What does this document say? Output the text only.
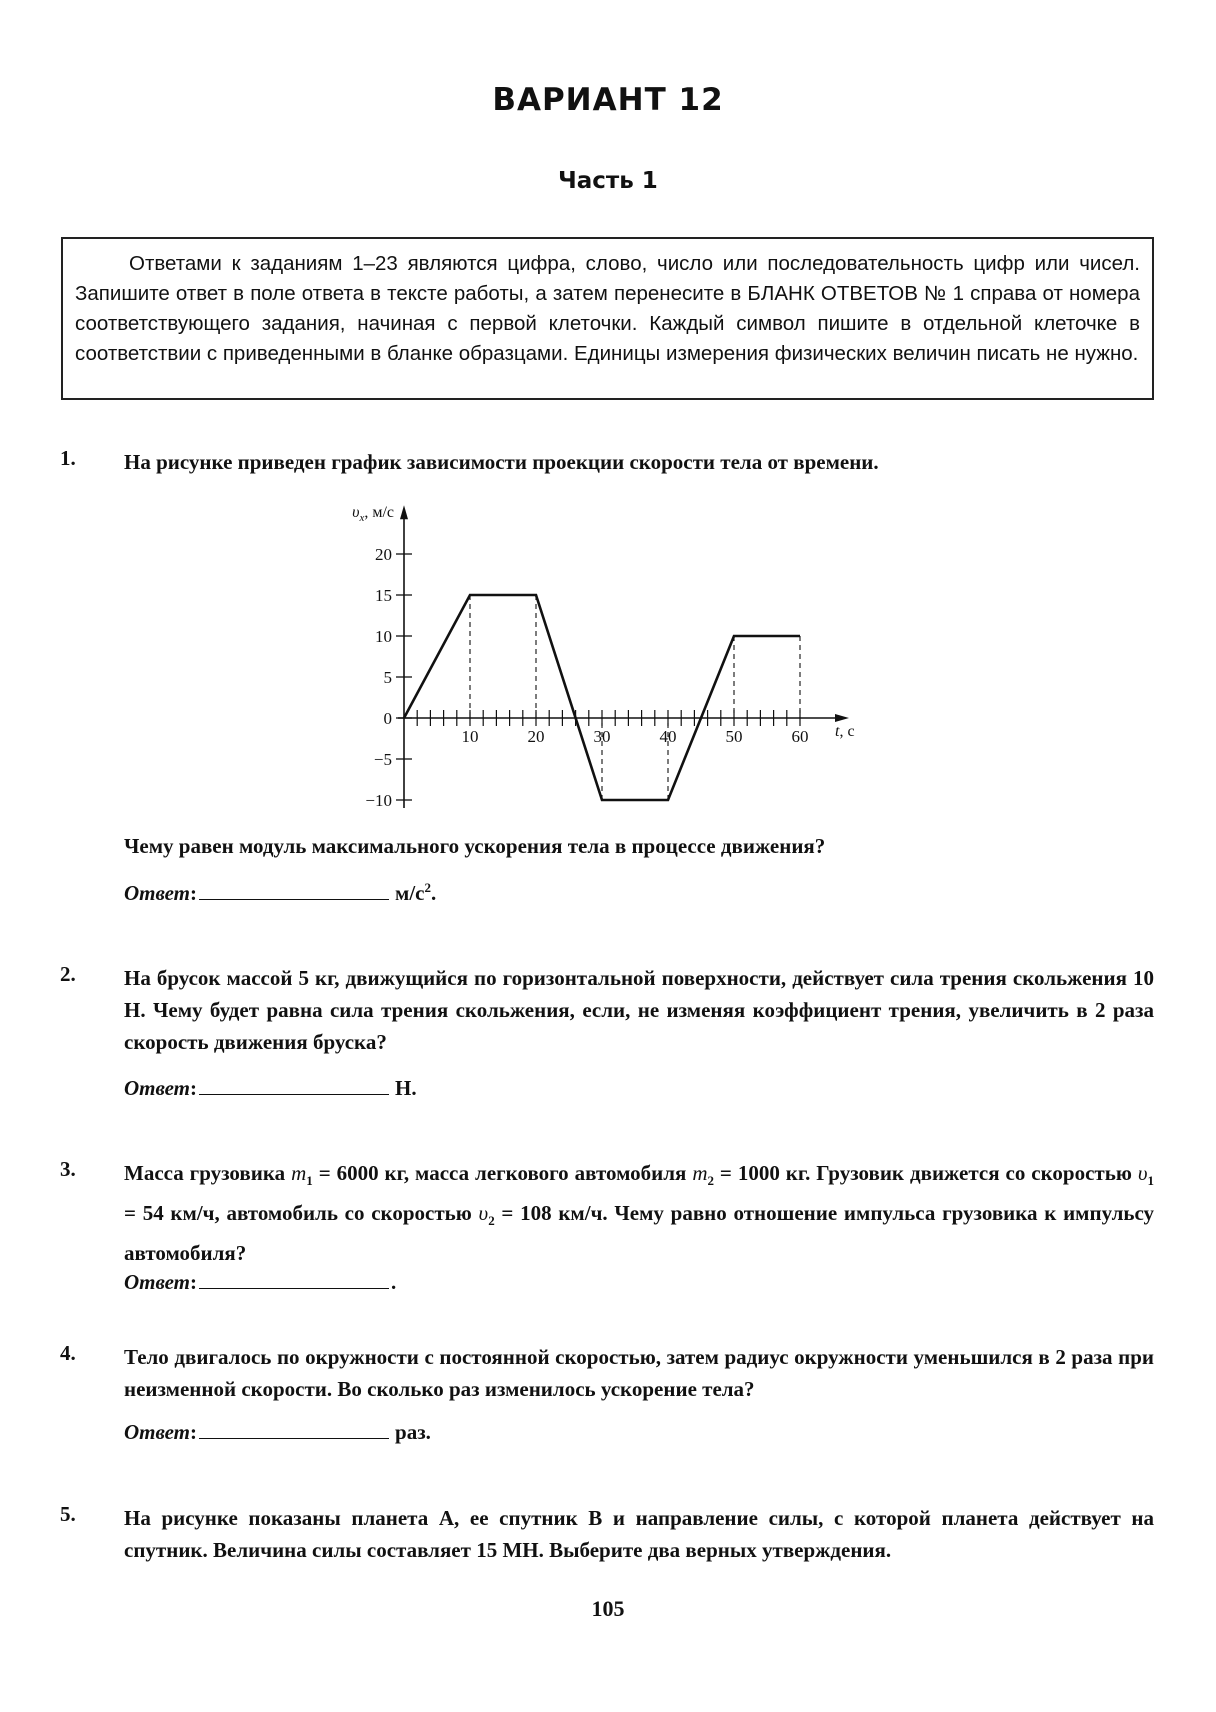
ВАРИАНТ 12
Часть 1
Ответами к заданиям 1–23 являются цифра, слово, число или последовательность цифр или чисел. Запишите ответ в поле ответа в тексте работы, а затем перенесите в БЛАНК ОТВЕТОВ № 1 справа от номера соответствующего задания, начиная с первой клеточки. Каждый символ пишите в отдельной клеточке в соответствии с приведенными в бланке образцами. Единицы измерения физических величин писать не нужно.
1. На рисунке приведен график зависимости проекции скорости тела от времени.
−10
−5
0
5
10
15
20
10	20	30	40	50	60
$\upsilon_x$, м/с
t, с
Чему равен модуль максимального ускорения тела в процессе движения?
Ответ:	$м/с^2$.
2. На брусок массой 5 кг, движущийся по горизонтальной поверхности, действует сила трения скольжения 10 Н. Чему будет равна сила трения скольжения, если, не изменяя коэффициент трения, увеличить в 2 раза скорость движения бруска?
Ответ:	Н.
3. Масса грузовика $m_1 = 6000$ кг, масса легкового автомобиля $m_2 = 1000$ кг. Грузовик движется со скоростью $\upsilon_1 = 54$ км/ч, автомобиль со скоростью $\upsilon_2 = 108$ км/ч. Чему равно отношение импульса грузовика к импульсу автомобиля?
Ответ:	.
4. Тело двигалось по окружности с постоянной скоростью, затем радиус окружности уменьшился в 2 раза при неизменной скорости. Во сколько раз изменилось ускорение тела?
Ответ:	раз.
5. На рисунке показаны планета А, ее спутник В и направление силы, с которой планета действует на спутник. Величина силы составляет 15 МН. Выберите два верных утверждения.
105
